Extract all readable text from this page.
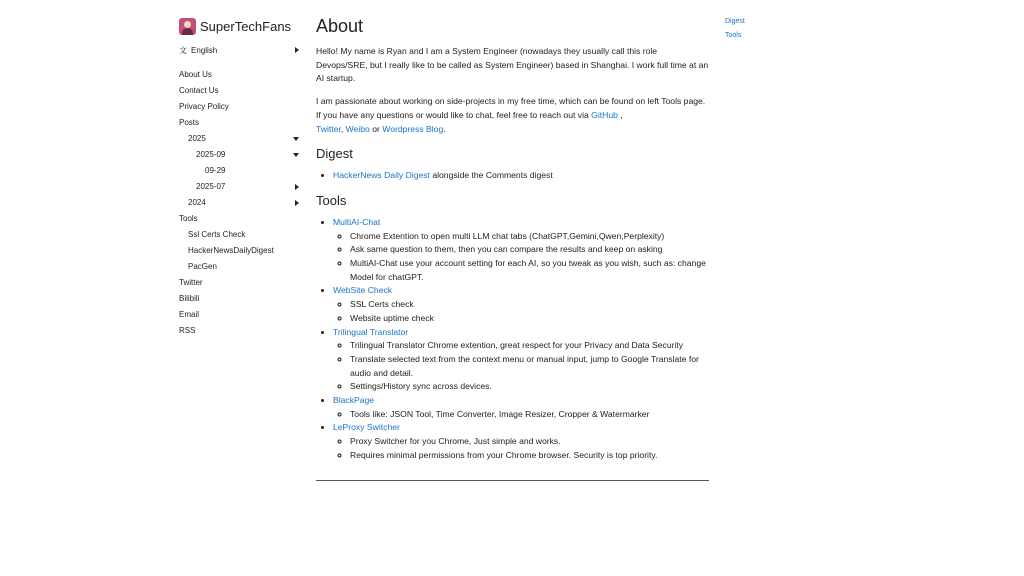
SuperTechFans
文 English
About Us
Contact Us
Privacy Policy
Posts
2025
2025-09
09-29
2025-07
2024
Tools
Ssl Certs Check
HackerNewsDailyDigest
PacGen
Twitter
Bilibili
Email
RSS
About

Hello! My name is Ryan and I am a System Engineer (nowadays they usually call this role Devops/SRE, but I really like to be called as System Engineer) based in Shanghai. I work full time at an AI startup.

I am passionate about working on side-projects in my free time, which can be found on left Tools page. If you have any questions or would like to chat, feel free to reach out via GitHub ,
Twitter, Weibo or Wordpress Blog.

Digest
• HackerNews Daily Digest alongside the Comments digest
Tools
• MultiAI-Chat
◦ Chrome Extention to open multi LLM chat tabs (ChatGPT,Gemini,Qwen,Perplexity)
◦ Ask same question to them, then you can compare the results and keep on asking
◦ MultiAI-Chat use your account setting for each AI, so you tweak as you wish, such as: change Model for chatGPT.
• WebSite Check
◦ SSL Certs check
◦ Website uptime check
• Trilingual Translator
◦ Trilingual Translator Chrome extention, great respect for your Privacy and Data Security
◦ Translate selected text from the context menu or manual input, jump to Google Translate for audio and detail.
◦ Settings/History sync across devices.
• BlackPage
◦ Tools like: JSON Tool, Time Converter, Image Resizer, Cropper & Watermarker
• LeProxy Switcher
◦ Proxy Switcher for you Chrome, Just simple and works.
◦ Requires minimal permissions from your Chrome browser. Security is top priority.
Digest
Tools
